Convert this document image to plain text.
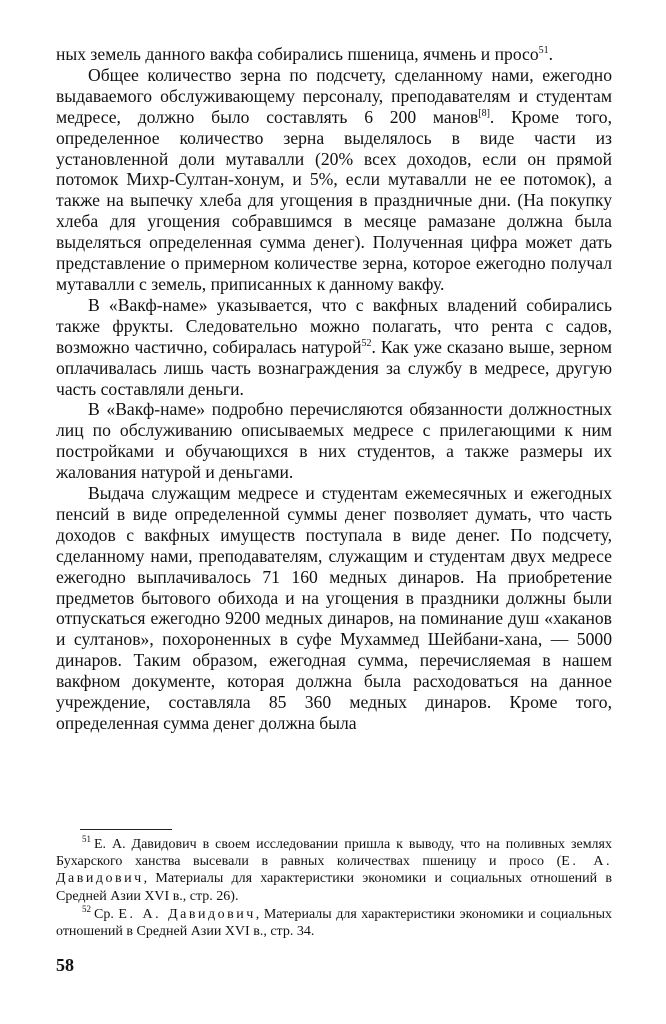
ных земель данного вакфа собирались пшеница, ячмень и просо$^{51}$.

Общее количество зерна по подсчету, сделанному нами, ежегодно выдаваемого обслуживающему персоналу, преподавателям и студентам медресе, должно было составлять 6 200 манов[8]. Кроме того, определенное количество зерна выделялось в виде части из установленной доли мутавалли (20% всех доходов, если он прямой потомок Михр-Султан-хонум, и 5%, если мутавалли не ее потомок), а также на выпечку хлеба для угощения в праздничные дни. (На покупку хлеба для угощения собравшимся в месяце рамазане должна была выделяться определенная сумма денег). Полученная цифра может дать представление о примерном количестве зерна, которое ежегодно получал мутавалли с земель, приписанных к данному вакфу.

В «Вакф-наме» указывается, что с вакфных владений собирались также фрукты. Следовательно можно полагать, что рента с садов, возможно частично, собиралась натурой$^{52}$. Как уже сказано выше, зерном оплачивалась лишь часть вознаграждения за службу в медресе, другую часть составляли деньги.

В «Вакф-наме» подробно перечисляются обязанности должностных лиц по обслуживанию описываемых медресе с прилегающими к ним постройками и обучающихся в них студентов, а также размеры их жалования натурой и деньгами.

Выдача служащим медресе и студентам ежемесячных и ежегодных пенсий в виде определенной суммы денег позволяет думать, что часть доходов с вакфных имуществ поступала в виде денег. По подсчету, сделанному нами, преподавателям, служащим и студентам двух медресе ежегодно выплачивалось 71 160 медных динаров. На приобретение предметов бытового обихода и на угощения в праздники должны были отпускаться ежегодно 9200 медных динаров, на поминание душ «хаканов и султанов», похороненных в суфе Мухаммед Шейбани-хана, — 5000 динаров. Таким образом, ежегодная сумма, перечисляемая в нашем вакфном документе, которая должна была расходоваться на данное учреждение, составляла 85 360 медных динаров. Кроме того, определенная сумма денег должна была

$^{51}$ Е. А. Давидович в своем исследовании пришла к выводу, что на поливных землях Бухарского ханства высевали в равных количествах пшеницу и просо (Е. А. Давидович, Материалы для характеристики экономики и социальных отношений в Средней Азии XVI в., стр. 26).

$^{52}$ Ср. Е. А. Давидович, Материалы для характеристики экономики и социальных отношений в Средней Азии XVI в., стр. 34.

58
